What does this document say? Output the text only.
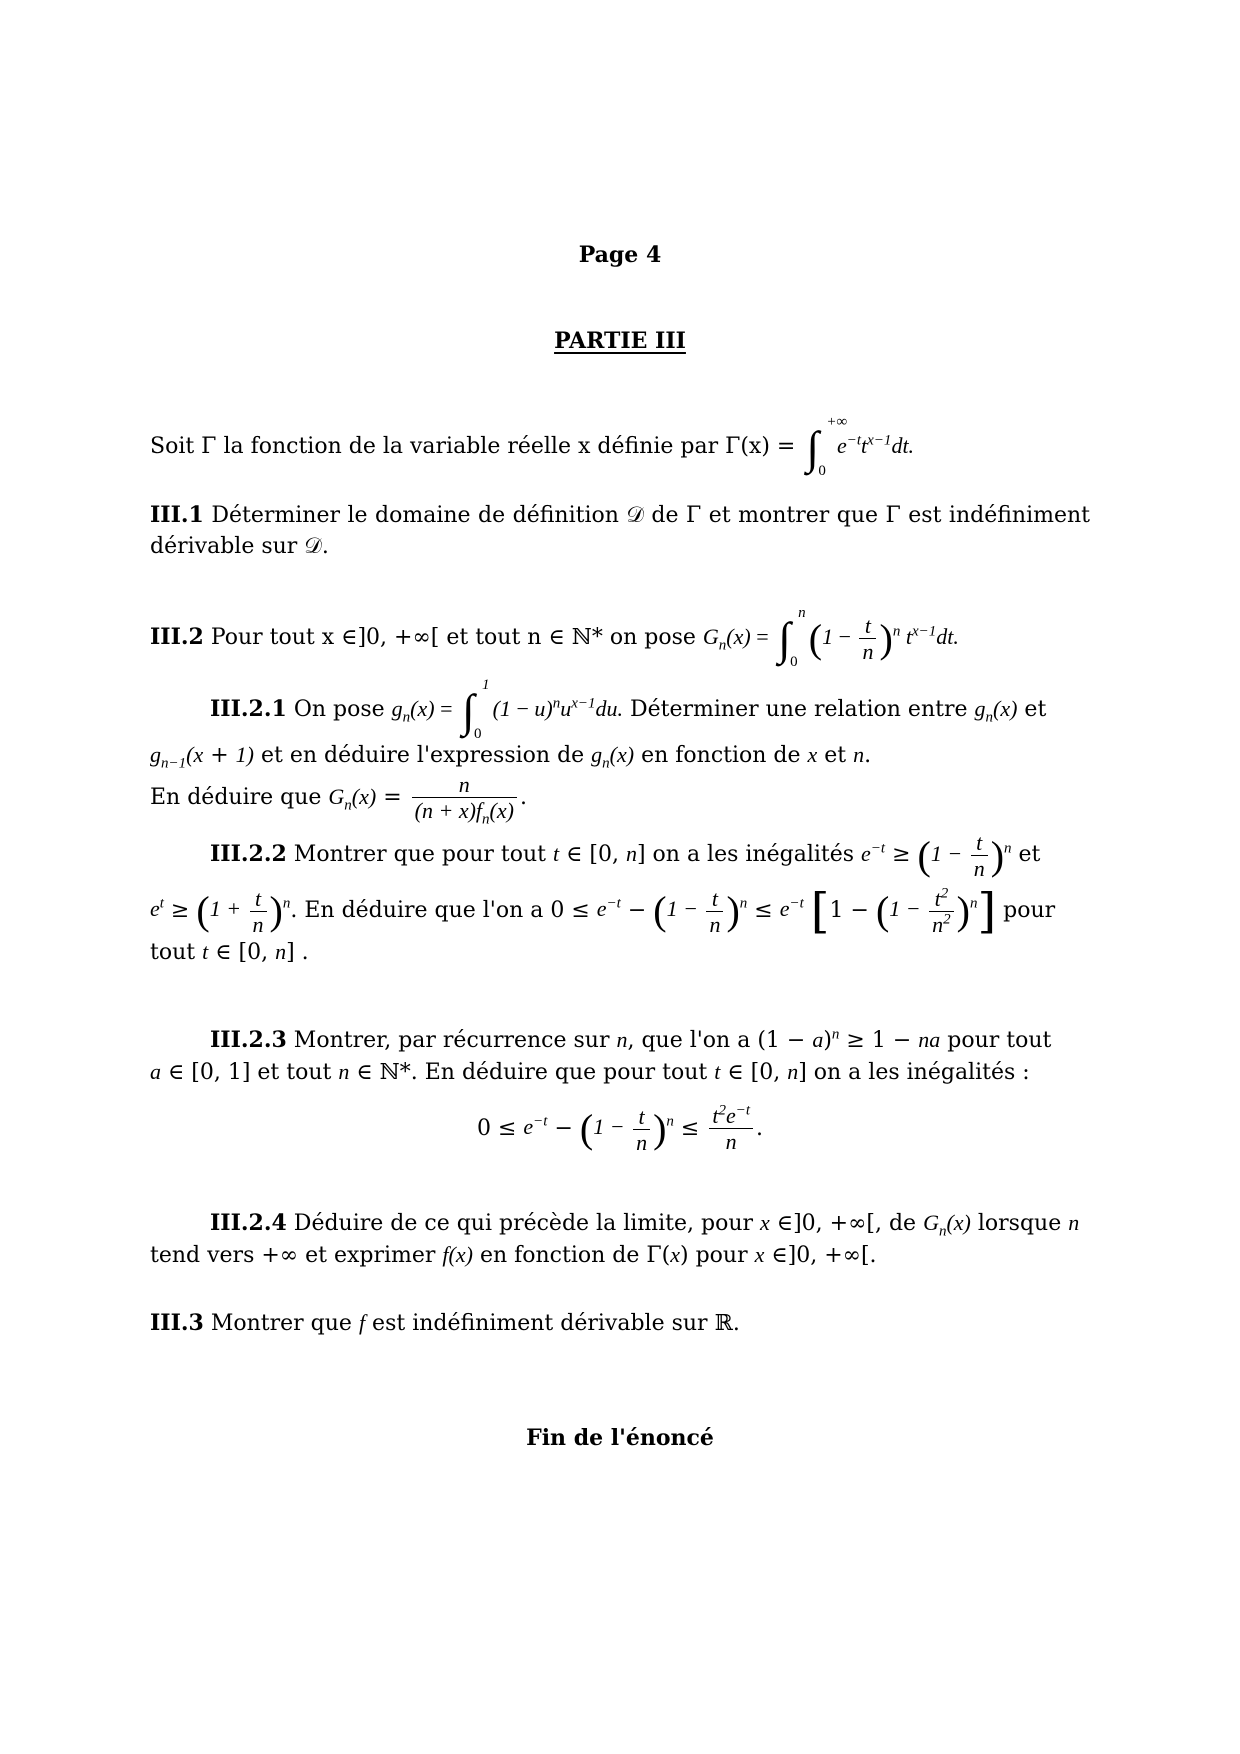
Page 4
PARTIE III
Soit Γ la fonction de la variable réelle x définie par Γ(x) = ∫ +∞
0
$e^{-t}t^{x-1}dt$.
III.1 Déterminer le domaine de définition 𝒟 de Γ et montrer que Γ est indéfiniment
dérivable sur 𝒟.
III.2 Pour tout x ∈]0, +∞[ et tout n ∈ ℕ* on pose $G_n(x)$ = ∫ n
0
$(1 - \frac{t}{n} )^n$ $t^{x-1}dt$.
III.2.1 On pose $g_n(x)$ = ∫ 1
0
$(1 - u)^nu^{x-1}du$. Déterminer une relation entre $g_n(x)$ et
$g_{n-1}(x + 1)$ et en déduire l'expression de $g_n(x)$ en fonction de x et n.
En déduire que $G_n(x) = \frac{n}{(n + x)f_n(x)}$ .
III.2.2 Montrer que pour tout t ∈ [0, n] on a les inégalités $e^{-t} \ge (1 - \frac{t}{n} )^n$ et
$e^t \ge (1 + \frac{t}{n} )^n$. En déduire que l'on a $0 \le e^{-t} - (1 - \frac{t}{n} )^n \le e^{-t}$ $[1 - (1 - \frac{t^2}{n^2} )^n]$ pour
tout t ∈ [0, n] .
III.2.3 Montrer, par récurrence sur n, que l'on a $(1 - a)^n \ge 1$ − na pour tout
a ∈ [0, 1] et tout n ∈ ℕ*. En déduire que pour tout t ∈ [0, n] on a les inégalités :
$0 \le e^{-t} - (1 - \frac{t}{n} )^n \le \frac{t^2e^{-t}}{n}$ .
III.2.4 Déduire de ce qui précède la limite, pour x ∈]0, +∞[, de $G_n(x)$ lorsque n
tend vers +∞ et exprimer f(x) en fonction de Γ(x) pour x ∈]0, +∞[.
III.3 Montrer que f est indéfiniment dérivable sur ℝ.
Fin de l'énoncé
